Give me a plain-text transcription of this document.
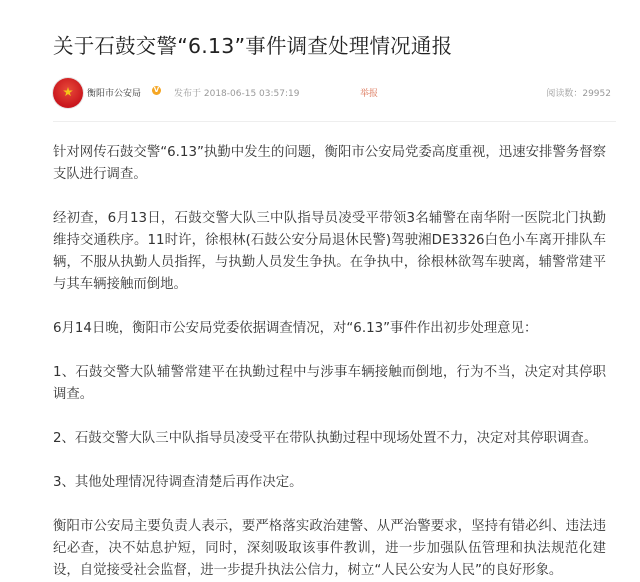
关于石鼓交警“6.13”事件调查处理情况通报
衡阳市公安局 V 发布于 2018-06-15 03:57:19	举报	阅读数：29952

针对网传石鼓交警“6.13”执勤中发生的问题，衡阳市公安局党委高度重视，迅速安排警务督察支队进行调查。

经初查，6月13日，石鼓交警大队三中队指导员凌受平带领3名辅警在南华附一医院北门执勤维持交通秩序。11时许，徐根林(石鼓公安分局退休民警)驾驶湘DE3326白色小车离开排队车辆，不服从执勤人员指挥，与执勤人员发生争执。在争执中，徐根林欲驾车驶离，辅警常建平与其车辆接触而倒地。

6月14日晚，衡阳市公安局党委依据调查情况，对“6.13”事件作出初步处理意见：

1、石鼓交警大队辅警常建平在执勤过程中与涉事车辆接触而倒地，行为不当，决定对其停职调查。

2、石鼓交警大队三中队指导员凌受平在带队执勤过程中现场处置不力，决定对其停职调查。

3、其他处理情况待调查清楚后再作决定。

衡阳市公安局主要负责人表示，要严格落实政治建警、从严治警要求，坚持有错必纠、违法违纪必查，决不姑息护短，同时，深刻吸取该事件教训，进一步加强队伍管理和执法规范化建设，自觉接受社会监督，进一步提升执法公信力，树立“人民公安为人民”的良好形象。
